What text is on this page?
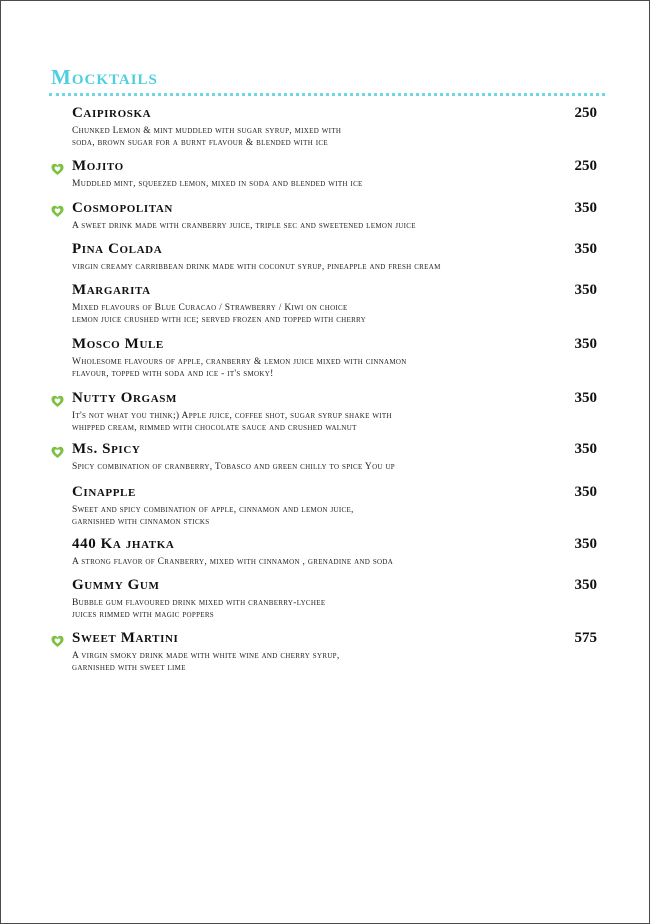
Mocktails
Caipiroska	250
Chunked Lemon & mint muddled with sugar syrup, mixed with
soda, brown sugar for a burnt flavour & blended with ice
Mojito	250
Muddled mint, squeezed lemon, mixed in soda and blended with ice
Cosmopolitan	350
A sweet drink made with cranberry juice, triple sec and sweetened lemon juice
Pina Colada	350
virgin creamy carribbean drink made with coconut syrup, pineapple and fresh cream
Margarita	350
Mixed flavours of Blue Curacao / Strawberry / Kiwi on choice
lemon juice crushed with ice; served frozen and topped with cherry
Mosco Mule	350
Wholesome flavours of apple, cranberry & lemon juice mixed with cinnamon
flavour, topped with soda and ice - it's smoky!
Nutty Orgasm	350
It's not what you think;) Apple juice, coffee shot, sugar syrup shake with
whipped cream, rimmed with chocolate sauce and crushed walnut
Ms. Spicy	350
Spicy combination of cranberry, Tobasco and green chilly to spice You up
Cinapple	350
Sweet and spicy combination of apple, cinnamon and lemon juice,
garnished with cinnamon sticks
440 Ka jhatka	350
A strong flavor of Cranberry, mixed with cinnamon , grenadine and soda
Gummy Gum	350
Bubble gum flavoured drink mixed with cranberry-lychee
juices rimmed with magic poppers
Sweet Martini	575
A virgin smoky drink made with white wine and cherry syrup,
garnished with sweet lime
